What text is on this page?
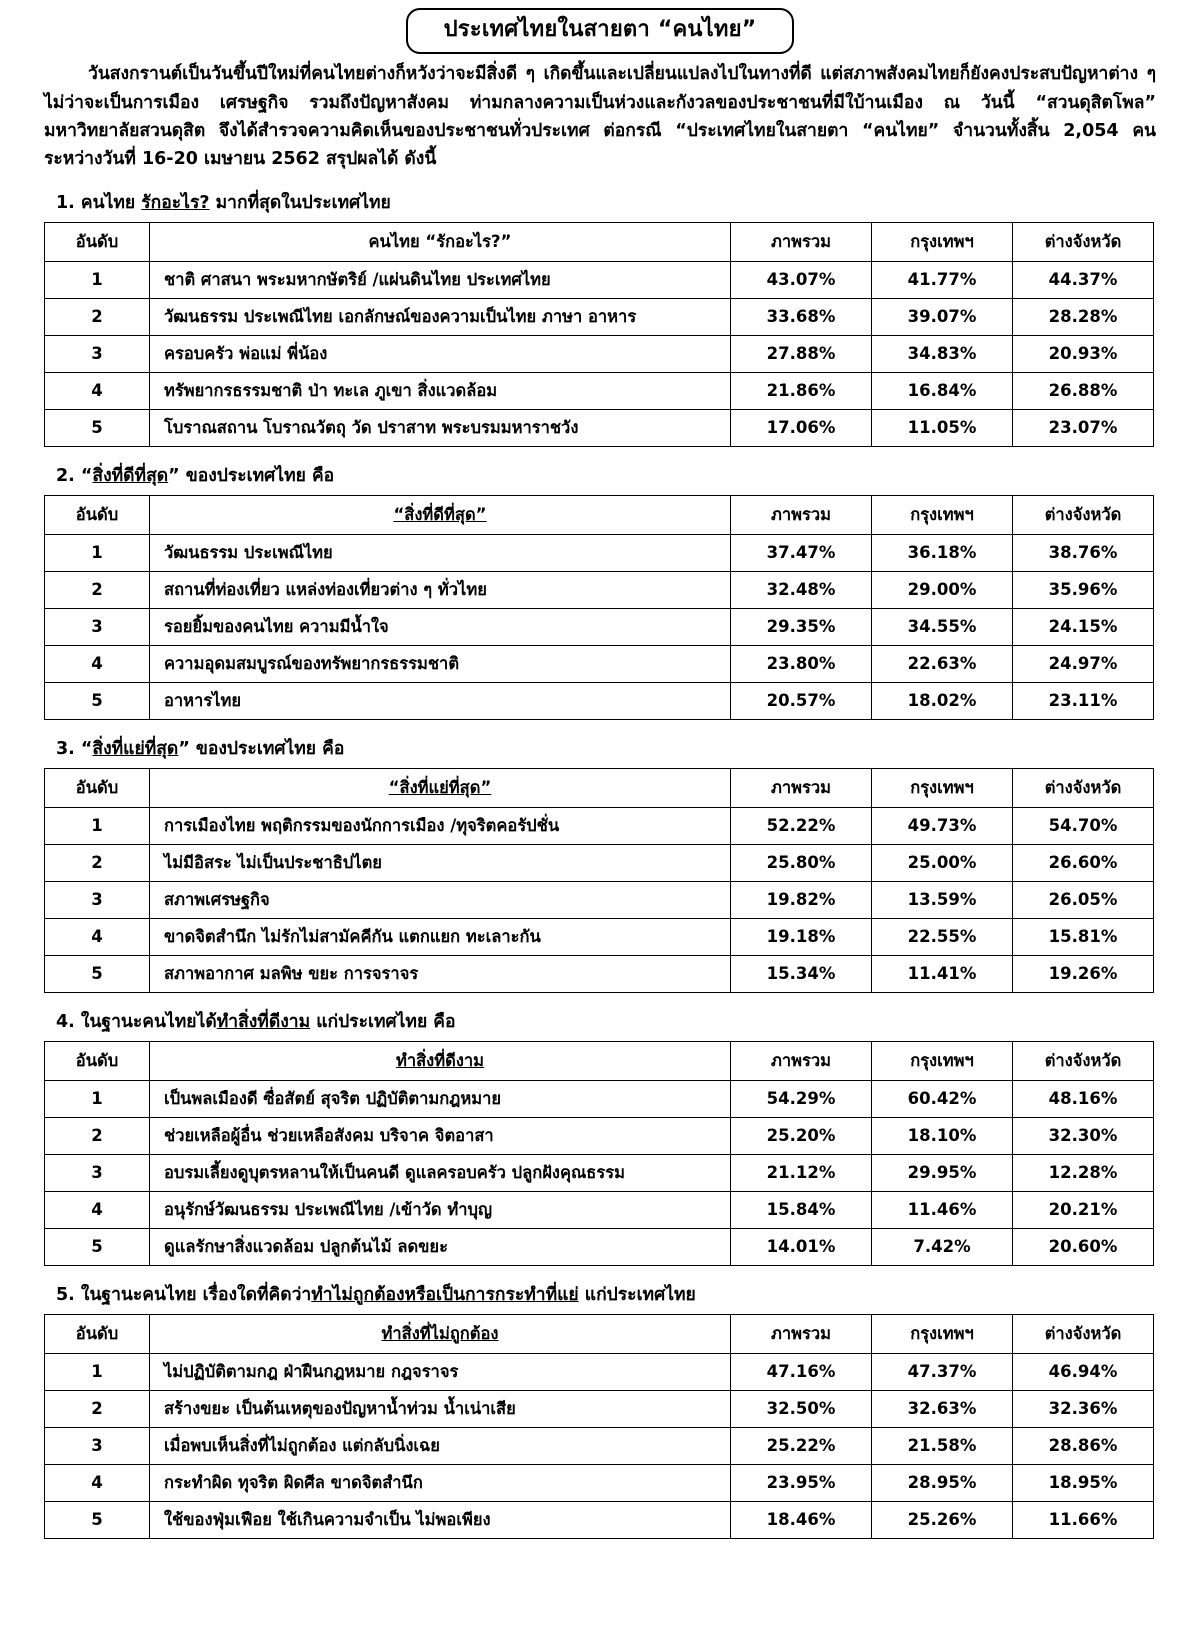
ประเทศไทยในสายตา “คนไทย”

วันสงกรานต์เป็นวันขึ้นปีใหม่ที่คนไทยต่างก็หวังว่าจะมีสิ่งดี ๆ เกิดขึ้นและเปลี่ยนแปลงไปในทางที่ดี แต่สภาพสังคมไทยก็ยังคงประสบปัญหาต่าง ๆ ไม่ว่าจะเป็นการเมือง เศรษฐกิจ รวมถึงปัญหาสังคม ท่ามกลางความเป็นห่วงและกังวลของประชาชนที่มีใบ้านเมือง ณ วันนี้ “สวนดุสิตโพล” มหาวิทยาลัยสวนดุสิต จึงได้สำรวจความคิดเห็นของประชาชนทั่วประเทศ ต่อกรณี “ประเทศไทยในสายตา “คนไทย” จำนวนทั้งสิ้น 2,054 คน ระหว่างวันที่ 16-20 เมษายน 2562 สรุปผลได้ ดังนี้

1. คนไทย รักอะไร? มากที่สุดในประเทศไทย
อันดับ	คนไทย “รักอะไร?”	ภาพรวม	กรุงเทพฯ	ต่างจังหวัด
1	ชาติ ศาสนา พระมหากษัตริย์ /แผ่นดินไทย ประเทศไทย	43.07%	41.77%	44.37%
2	วัฒนธรรม ประเพณีไทย เอกลักษณ์ของความเป็นไทย ภาษา อาหาร	33.68%	39.07%	28.28%
3	ครอบครัว พ่อแม่ พี่น้อง	27.88%	34.83%	20.93%
4	ทรัพยากรธรรมชาติ ป่า ทะเล ภูเขา สิ่งแวดล้อม	21.86%	16.84%	26.88%
5	โบราณสถาน โบราณวัตถุ วัด ปราสาท พระบรมมหาราชวัง	17.06%	11.05%	23.07%
2. “สิ่งที่ดีที่สุด” ของประเทศไทย คือ
อันดับ	“สิ่งที่ดีที่สุด”	ภาพรวม	กรุงเทพฯ	ต่างจังหวัด
1	วัฒนธรรม ประเพณีไทย	37.47%	36.18%	38.76%
2	สถานที่ท่องเที่ยว แหล่งท่องเที่ยวต่าง ๆ ทั่วไทย	32.48%	29.00%	35.96%
3	รอยยิ้มของคนไทย ความมีน้ำใจ	29.35%	34.55%	24.15%
4	ความอุดมสมบูรณ์ของทรัพยากรธรรมชาติ	23.80%	22.63%	24.97%
5	อาหารไทย	20.57%	18.02%	23.11%
3. “สิ่งที่แย่ที่สุด” ของประเทศไทย คือ
อันดับ	“สิ่งที่แย่ที่สุด”	ภาพรวม	กรุงเทพฯ	ต่างจังหวัด
1	การเมืองไทย พฤติกรรมของนักการเมือง /ทุจริตคอรัปชั่น	52.22%	49.73%	54.70%
2	ไม่มีอิสระ ไม่เป็นประชาธิปไตย	25.80%	25.00%	26.60%
3	สภาพเศรษฐกิจ	19.82%	13.59%	26.05%
4	ขาดจิตสำนึก ไม่รักไม่สามัคคีกัน แตกแยก ทะเลาะกัน	19.18%	22.55%	15.81%
5	สภาพอากาศ มลพิษ ขยะ การจราจร	15.34%	11.41%	19.26%
4. ในฐานะคนไทยได้ทำสิ่งที่ดีงาม แก่ประเทศไทย คือ
อันดับ	ทำสิ่งที่ดีงาม	ภาพรวม	กรุงเทพฯ	ต่างจังหวัด
1	เป็นพลเมืองดี ซื่อสัตย์ สุจริต ปฏิบัติตามกฎหมาย	54.29%	60.42%	48.16%
2	ช่วยเหลือผู้อื่น ช่วยเหลือสังคม บริจาค จิตอาสา	25.20%	18.10%	32.30%
3	อบรมเลี้ยงดูบุตรหลานให้เป็นคนดี ดูแลครอบครัว ปลูกฝังคุณธรรม	21.12%	29.95%	12.28%
4	อนุรักษ์วัฒนธรรม ประเพณีไทย /เข้าวัด ทำบุญ	15.84%	11.46%	20.21%
5	ดูแลรักษาสิ่งแวดล้อม ปลูกต้นไม้ ลดขยะ	14.01%	7.42%	20.60%
5. ในฐานะคนไทย เรื่องใดที่คิดว่าทำไม่ถูกต้องหรือเป็นการกระทำที่แย่ แก่ประเทศไทย
อันดับ	ทำสิ่งที่ไม่ถูกต้อง	ภาพรวม	กรุงเทพฯ	ต่างจังหวัด
1	ไม่ปฏิบัติตามกฎ ฝ่าฝืนกฎหมาย กฎจราจร	47.16%	47.37%	46.94%
2	สร้างขยะ เป็นต้นเหตุของปัญหาน้ำท่วม น้ำเน่าเสีย	32.50%	32.63%	32.36%
3	เมื่อพบเห็นสิ่งที่ไม่ถูกต้อง แต่กลับนิ่งเฉย	25.22%	21.58%	28.86%
4	กระทำผิด ทุจริต ผิดศีล ขาดจิตสำนึก	23.95%	28.95%	18.95%
5	ใช้ของฟุ่มเฟือย ใช้เกินความจำเป็น ไม่พอเพียง	18.46%	25.26%	11.66%
